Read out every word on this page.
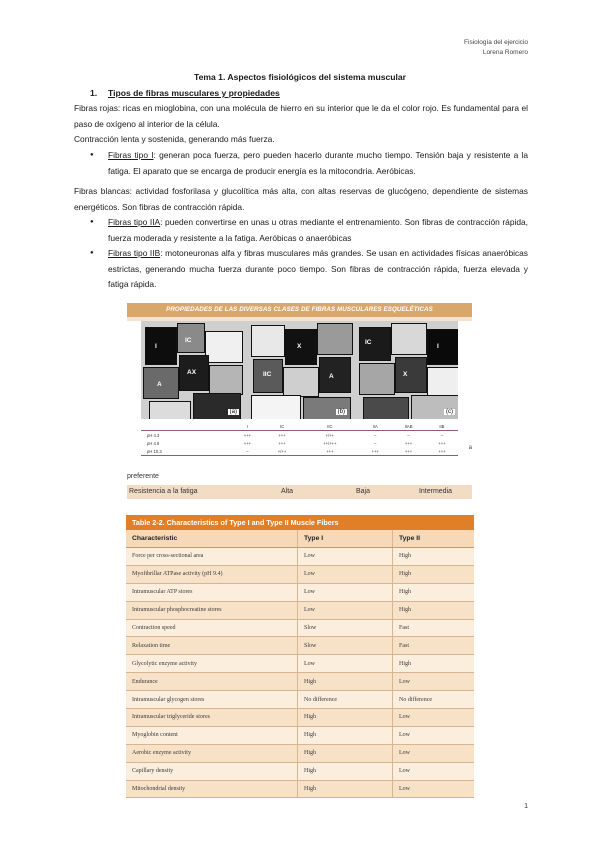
Fisiología del ejercicio
Lorena Romero
Tema 1. Aspectos fisiológicos del sistema muscular
1. Tipos de fibras musculares y propiedades
Fibras rojas: ricas en mioglobina, con una molécula de hierro en su interior que le da el color rojo. Es fundamental para el paso de oxígeno al interior de la célula.
Contracción lenta y sostenida, generando más fuerza.
● Fibras tipo I: generan poca fuerza, pero pueden hacerlo durante mucho tiempo. Tensión baja y resistente a la fatiga. El aparato que se encarga de producir energía es la mitocondria. Aeróbicas.
Fibras blancas: actividad fosforilasa y glucolítica más alta, con altas reservas de glucógeno, dependiente de sistemas energéticos. Son fibras de contracción rápida.
● Fibras tipo IIA: pueden convertirse en unas u otras mediante el entrenamiento. Son fibras de contracción rápida, fuerza moderada y resistente a la fatiga. Aeróbicas o anaeróbicas
● Fibras tipo IIB: motoneuronas alfa y fibras musculares más grandes. Se usan en actividades físicas anaeróbicas estrictas, generando mucha fuerza durante poco tiempo. Son fibras de contracción rápida, fuerza elevada y fatiga rápida.
PROPIEDADES DE LAS DIVERSAS CLASES DE FIBRAS MUSCULARES ESQUELÉTICAS
I
IC
AX
A
(a)
X
IIC	A
(b)
IC
X
I
(c)
	I	IC	IIC	IIA	IIAB	IIB
pH 4.3	+++	+++	+/++	–	–	–
pH 4.6	+++	+++	++/+++	–	+++	+++
pH 10.3	–	+/++	+++	+++	+++	+++	a
preferente
Resistencia a la fatiga	Alta	Baja	Intermedia
Table 2-2. Characteristics of Type I and Type II Muscle Fibers
Characteristic	Type I	Type II
Force per cross-sectional area	Low	High
Myofibrillar ATPase activity (pH 9.4)	Low	High
Intramuscular ATP stores	Low	High
Intramuscular phosphocreatine stores	Low	High
Contraction speed	Slow	Fast
Relaxation time	Slow	Fast
Glycolytic enzyme activity	Low	High
Endurance	High	Low
Intramuscular glycogen stores	No difference	No difference
Intramuscular triglyceride stores	High	Low
Myoglobin content	High	Low
Aerobic enzyme activity	High	Low
Capillary density	High	Low
Mitochondrial density	High	Low
1
